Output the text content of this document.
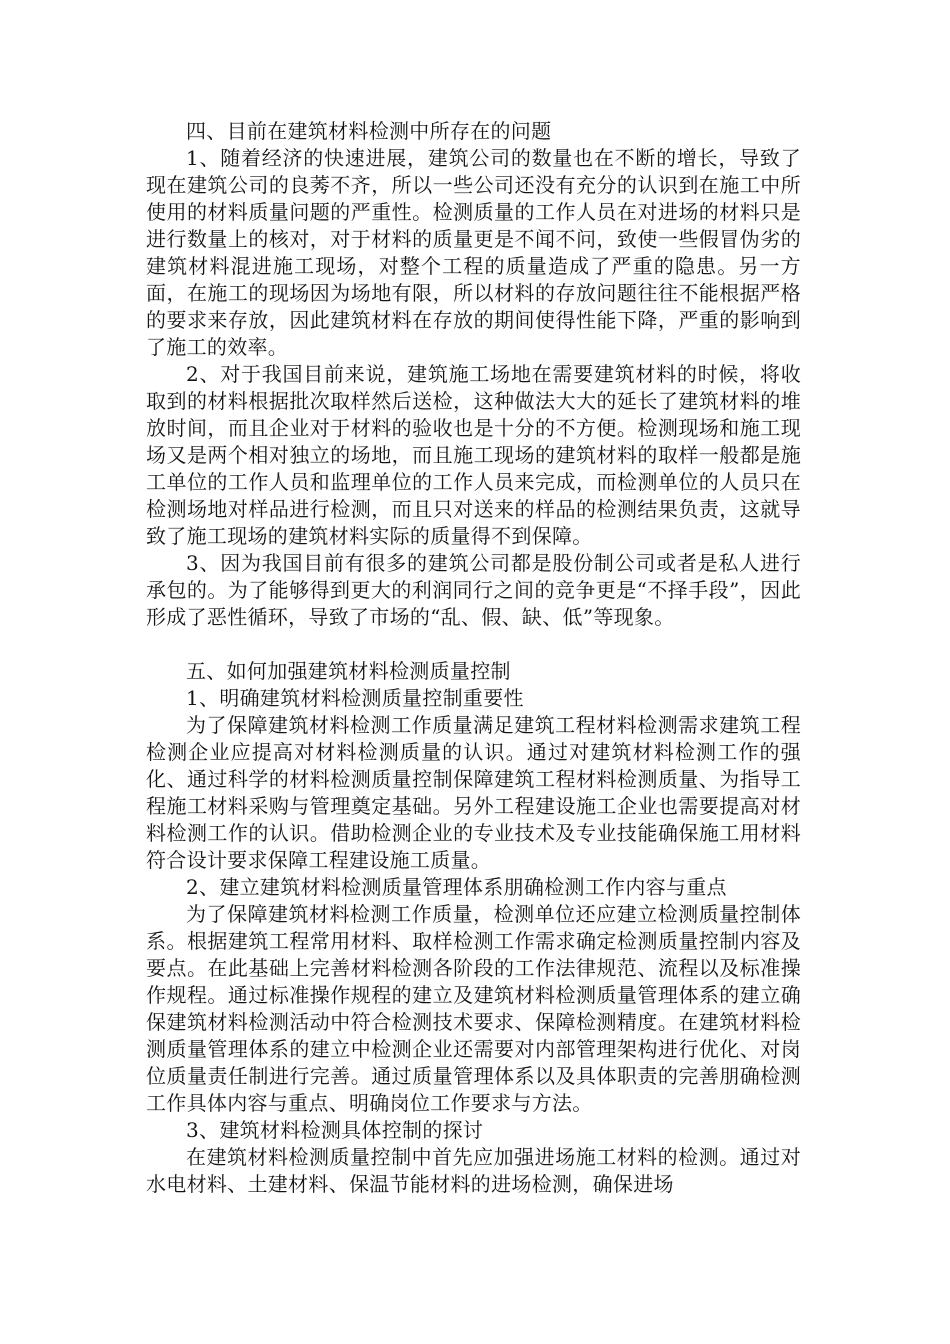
四、目前在建筑材料检测中所存在的问题

1、随着经济的快速进展，建筑公司的数量也在不断的增长，导致了现在建筑公司的良莠不齐，所以一些公司还没有充分的认识到在施工中所使用的材料质量问题的严重性。检测质量的工作人员在对进场的材料只是进行数量上的核对，对于材料的质量更是不闻不问，致使一些假冒伪劣的建筑材料混进施工现场，对整个工程的质量造成了严重的隐患。另一方面，在施工的现场因为场地有限，所以材料的存放问题往往不能根据严格的要求来存放，因此建筑材料在存放的期间使得性能下降，严重的影响到了施工的效率。

2、对于我国目前来说，建筑施工场地在需要建筑材料的时候，将收取到的材料根据批次取样然后送检，这种做法大大的延长了建筑材料的堆放时间，而且企业对于材料的验收也是十分的不方便。检测现场和施工现场又是两个相对独立的场地，而且施工现场的建筑材料的取样一般都是施工单位的工作人员和监理单位的工作人员来完成，而检测单位的人员只在检测场地对样品进行检测，而且只对送来的样品的检测结果负责，这就导致了施工现场的建筑材料实际的质量得不到保障。

3、因为我国目前有很多的建筑公司都是股份制公司或者是私人进行承包的。为了能够得到更大的利润同行之间的竞争更是“不择手段”，因此形成了恶性循环，导致了市场的“乱、假、缺、低”等现象。

五、如何加强建筑材料检测质量控制

1、明确建筑材料检测质量控制重要性

为了保障建筑材料检测工作质量满足建筑工程材料检测需求建筑工程检测企业应提高对材料检测质量的认识。通过对建筑材料检测工作的强化、通过科学的材料检测质量控制保障建筑工程材料检测质量、为指导工程施工材料采购与管理奠定基础。另外工程建设施工企业也需要提高对材料检测工作的认识。借助检测企业的专业技术及专业技能确保施工用材料符合设计要求保障工程建设施工质量。

2、建立建筑材料检测质量管理体系朋确检测工作内容与重点

为了保障建筑材料检测工作质量，检测单位还应建立检测质量控制体系。根据建筑工程常用材料、取样检测工作需求确定检测质量控制内容及要点。在此基础上完善材料检测各阶段的工作法律规范、流程以及标准操作规程。通过标准操作规程的建立及建筑材料检测质量管理体系的建立确保建筑材料检测活动中符合检测技术要求、保障检测精度。在建筑材料检测质量管理体系的建立中检测企业还需要对内部管理架构进行优化、对岗位质量责任制进行完善。通过质量管理体系以及具体职责的完善朋确检测工作具体内容与重点、明确岗位工作要求与方法。

3、建筑材料检测具体控制的探讨

在建筑材料检测质量控制中首先应加强进场施工材料的检测。通过对水电材料、土建材料、保温节能材料的进场检测，确保进场
